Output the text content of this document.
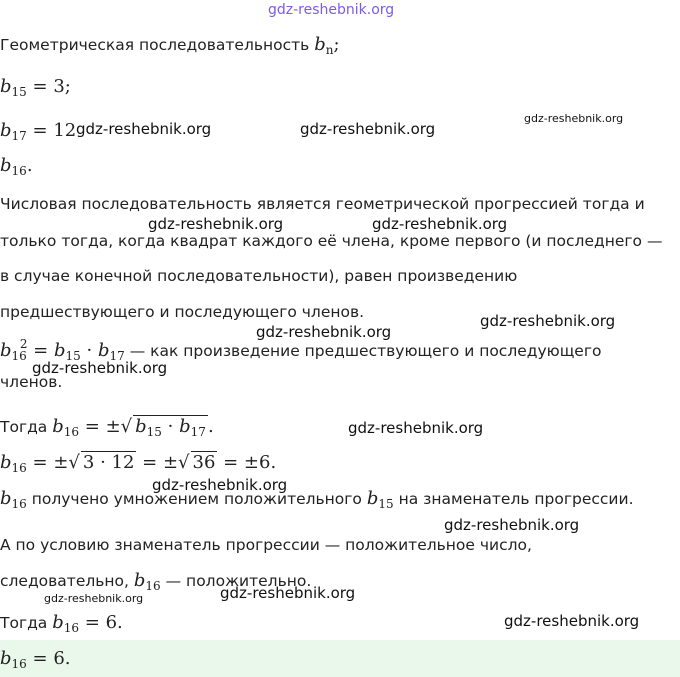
gdz-reshebnik.org
Геометрическая последовательность $b_n$;
$b_{15} = 3$;
$b_{17} = 12$
$b_{16}$.
Числовая последовательность является геометрической прогрессией тогда и
только тогда, когда квадрат каждого её члена, кроме первого (и последнего —
в случае конечной последовательности), равен произведению
предшествующего и последующего членов.
$b_{16}^2 = b_{15} \cdot b_{17}$ — как произведение предшествующего и последующего
членов.
Тогда $b_{16}$ = ±√ $b_{15} \cdot b_{17}$ .
$b_{16}$ = ±√ 3 · 12 = ±√ 36 = ±6.
$b_{16}$ получено умножением положительного $b_{15}$ на знаменатель прогрессии.
А по условию знаменатель прогрессии — положительное число,
следовательно, $b_{16}$ — положительно.
Тогда $b_{16} = 6$.
$b_{16} = 6$.
gdz-reshebnik.org	gdz-reshebnik.org
gdz-reshebnik.org
gdz-reshebnik.org	gdz-reshebnik.org
gdz-reshebnik.org
gdz-reshebnik.org
gdz-reshebnik.org
gdz-reshebnik.org
gdz-reshebnik.org
gdz-reshebnik.org
gdz-reshebnik.org	gdz-reshebnik.org
gdz-reshebnik.org
